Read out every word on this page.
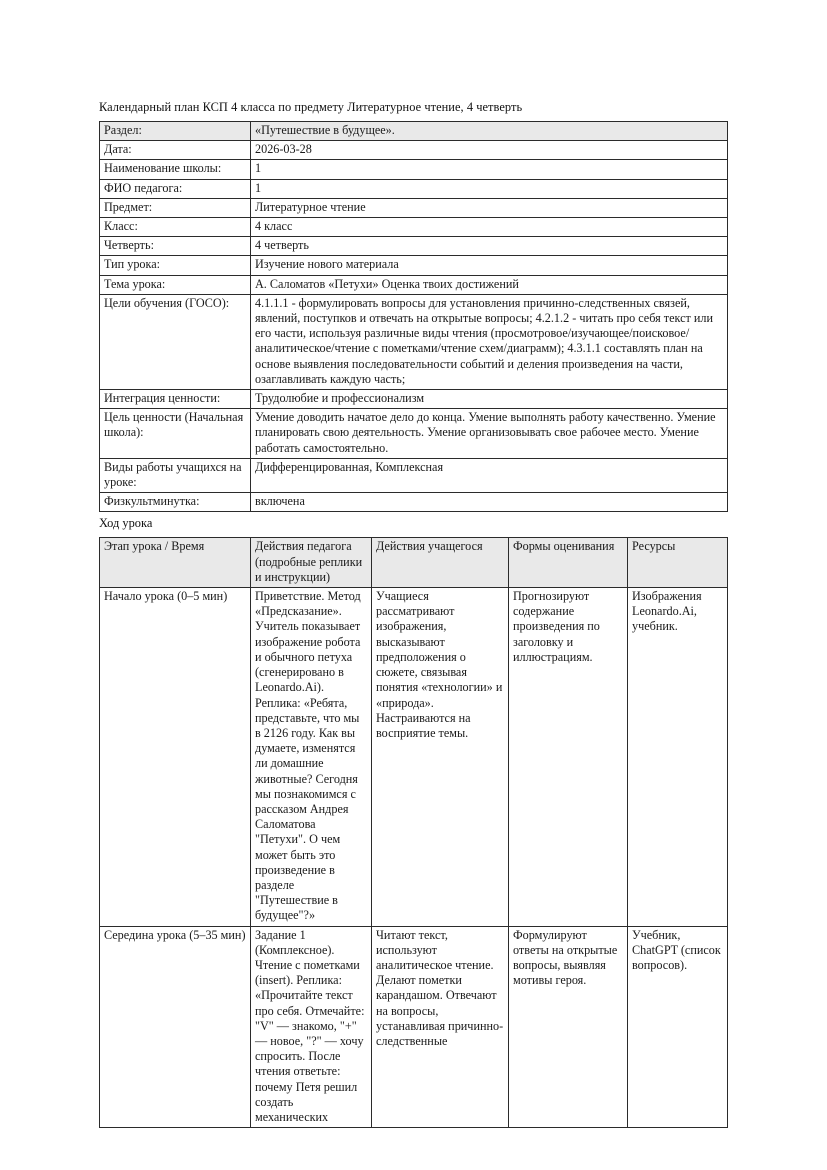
Календарный план КСП 4 класса по предмету Литературное чтение, 4 четверть

Раздел:	«Путешествие в будущее».
Дата:	2026-03-28
Наименование школы:	1
ФИО педагога:	1
Предмет:	Литературное чтение
Класс:	4 класс
Четверть:	4 четверть
Тип урока:	Изучение нового материала
Тема урока:	А. Саломатов «Петухи» Оценка твоих достижений
Цели обучения (ГОСО):	4.1.1.1 - формулировать вопросы для установления причинно-следственных связей, явлений, поступков и отвечать на открытые вопросы; 4.2.1.2 - читать про себя текст или его части, используя различные виды чтения (просмотровое/изучающее/поисковое/аналитическое/чтение с пометками/чтение схем/диаграмм); 4.3.1.1 составлять план на основе выявления последовательности событий и деления произведения на части, озаглавливать каждую часть;
Интеграция ценности:	Трудолюбие и профессионализм
Цель ценности (Начальная школа):	Умение доводить начатое дело до конца. Умение выполнять работу качественно. Умение планировать свою деятельность. Умение организовывать свое рабочее место. Умение работать самостоятельно.
Виды работы учащихся на уроке:	Дифференцированная, Комплексная
Физкультминутка:	включена

Ход урока

Этап урока / Время	Действия педагога (подробные реплики и инструкции)	Действия учащегося	Формы оценивания	Ресурсы
Начало урока (0–5 мин)	Приветствие. Метод «Предсказание». Учитель показывает изображение робота и обычного петуха (сгенерировано в Leonardo.Ai). Реплика: «Ребята, представьте, что мы в 2126 году. Как вы думаете, изменятся ли домашние животные? Сегодня мы познакомимся с рассказом Андрея Саломатова "Петухи". О чем может быть это произведение в разделе "Путешествие в будущее"?»	Учащиеся рассматривают изображения, высказывают предположения о сюжете, связывая понятия «технологии» и «природа». Настраиваются на восприятие темы.	Прогнозируют содержание произведения по заголовку и иллюстрациям.	Изображения Leonardo.Ai, учебник.
Середина урока (5–35 мин)	Задание 1 (Комплексное). Чтение с пометками (insert). Реплика: «Прочитайте текст про себя. Отмечайте: "V" — знакомо, "+" — новое, "?" — хочу спросить. После чтения ответьте: почему Петя решил создать механических	Читают текст, используют аналитическое чтение. Делают пометки карандашом. Отвечают на вопросы, устанавливая причинно-следственные	Формулируют ответы на открытые вопросы, выявляя мотивы героя.	Учебник, ChatGPT (список вопросов).
